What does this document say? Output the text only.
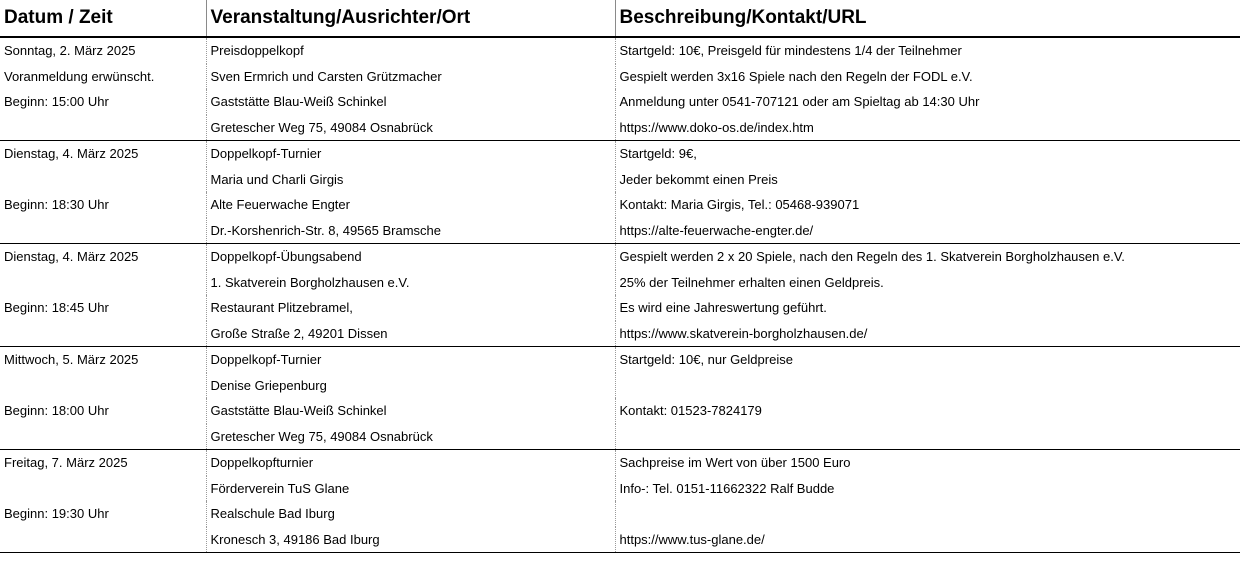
Datum / Zeit	Veranstaltung/Ausrichter/Ort	Beschreibung/Kontakt/URL
Sonntag, 2. März 2025	Preisdoppelkopf	Startgeld: 10€, Preisgeld für mindestens 1/4 der Teilnehmer
Voranmeldung erwünscht.	Sven Ermrich und Carsten Grützmacher	Gespielt werden 3x16 Spiele nach den Regeln der FODL e.V.
Beginn: 15:00 Uhr	Gaststätte Blau-Weiß Schinkel	Anmeldung unter 0541-707121 oder am Spieltag ab 14:30 Uhr
	Gretescher Weg 75, 49084 Osnabrück	https://www.doko-os.de/index.htm
Dienstag, 4. März 2025	Doppelkopf-Turnier	Startgeld: 9€,
	Maria und Charli Girgis	Jeder bekommt einen Preis
Beginn: 18:30 Uhr	Alte Feuerwache Engter	Kontakt: Maria Girgis, Tel.: 05468-939071
	Dr.-Korshenrich-Str. 8, 49565 Bramsche	https://alte-feuerwache-engter.de/
Dienstag, 4. März 2025	Doppelkopf-Übungsabend	Gespielt werden 2 x 20 Spiele, nach den Regeln des 1. Skatverein Borgholzhausen e.V.
	1. Skatverein Borgholzhausen e.V.	25% der Teilnehmer erhalten einen Geldpreis.
Beginn: 18:45 Uhr	Restaurant Plitzebramel,	Es wird eine Jahreswertung geführt.
	Große Straße 2, 49201 Dissen	https://www.skatverein-borgholzhausen.de/
Mittwoch, 5. März 2025	Doppelkopf-Turnier	Startgeld: 10€, nur Geldpreise
	Denise Griepenburg	
Beginn: 18:00 Uhr	Gaststätte Blau-Weiß Schinkel	Kontakt: 01523-7824179
	Gretescher Weg 75, 49084 Osnabrück	
Freitag, 7. März 2025	Doppelkopfturnier	Sachpreise im Wert von über 1500 Euro
	Förderverein TuS Glane	Info-: Tel. 0151-11662322 Ralf Budde
Beginn: 19:30 Uhr	Realschule Bad Iburg	
	Kronesch 3, 49186 Bad Iburg	https://www.tus-glane.de/
